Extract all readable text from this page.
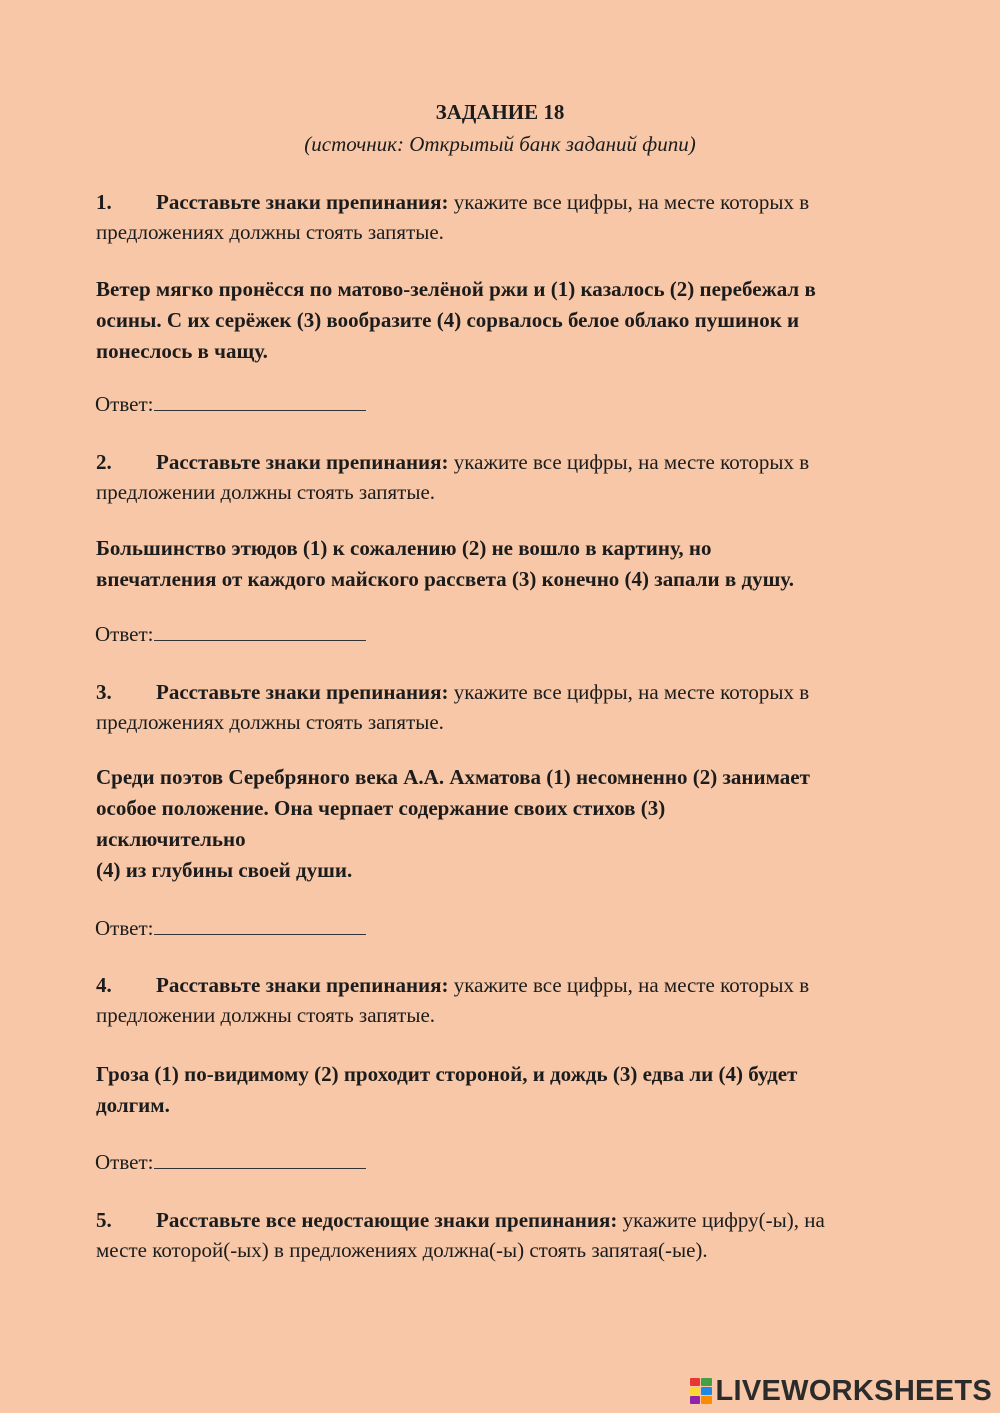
ЗАДАНИЕ 18
(источник: Открытый банк заданий фипи)
1. Расставьте знаки препинания: укажите все цифры, на месте которых в
предложениях должны стоять запятые.
Ветер мягко пронёсся по матово-зелёной ржи и (1) казалось (2) перебежал в
осины. С их серёжек (3) вообразите (4) сорвалось белое облако пушинок и
понеслось в чащу.
Ответ:
2. Расставьте знаки препинания: укажите все цифры, на месте которых в
предложении должны стоять запятые.
Большинство этюдов (1) к сожалению (2) не вошло в картину, но
впечатления от каждого майского рассвета (3) конечно (4) запали в душу.
Ответ:
3. Расставьте знаки препинания: укажите все цифры, на месте которых в
предложениях должны стоять запятые.
Среди поэтов Серебряного века А.А. Ахматова (1) несомненно (2) занимает
особое положение. Она черпает содержание своих стихов (3)
исключительно
(4) из глубины своей души.
Ответ:
4. Расставьте знаки препинания: укажите все цифры, на месте которых в
предложении должны стоять запятые.
Гроза (1) по-видимому (2) проходит стороной, и дождь (3) едва ли (4) будет
долгим.
Ответ:
5. Расставьте все недостающие знаки препинания: укажите цифру(-ы), на
месте которой(-ых) в предложениях должна(-ы) стоять запятая(-ые).
LIVEWORKSHEETS
